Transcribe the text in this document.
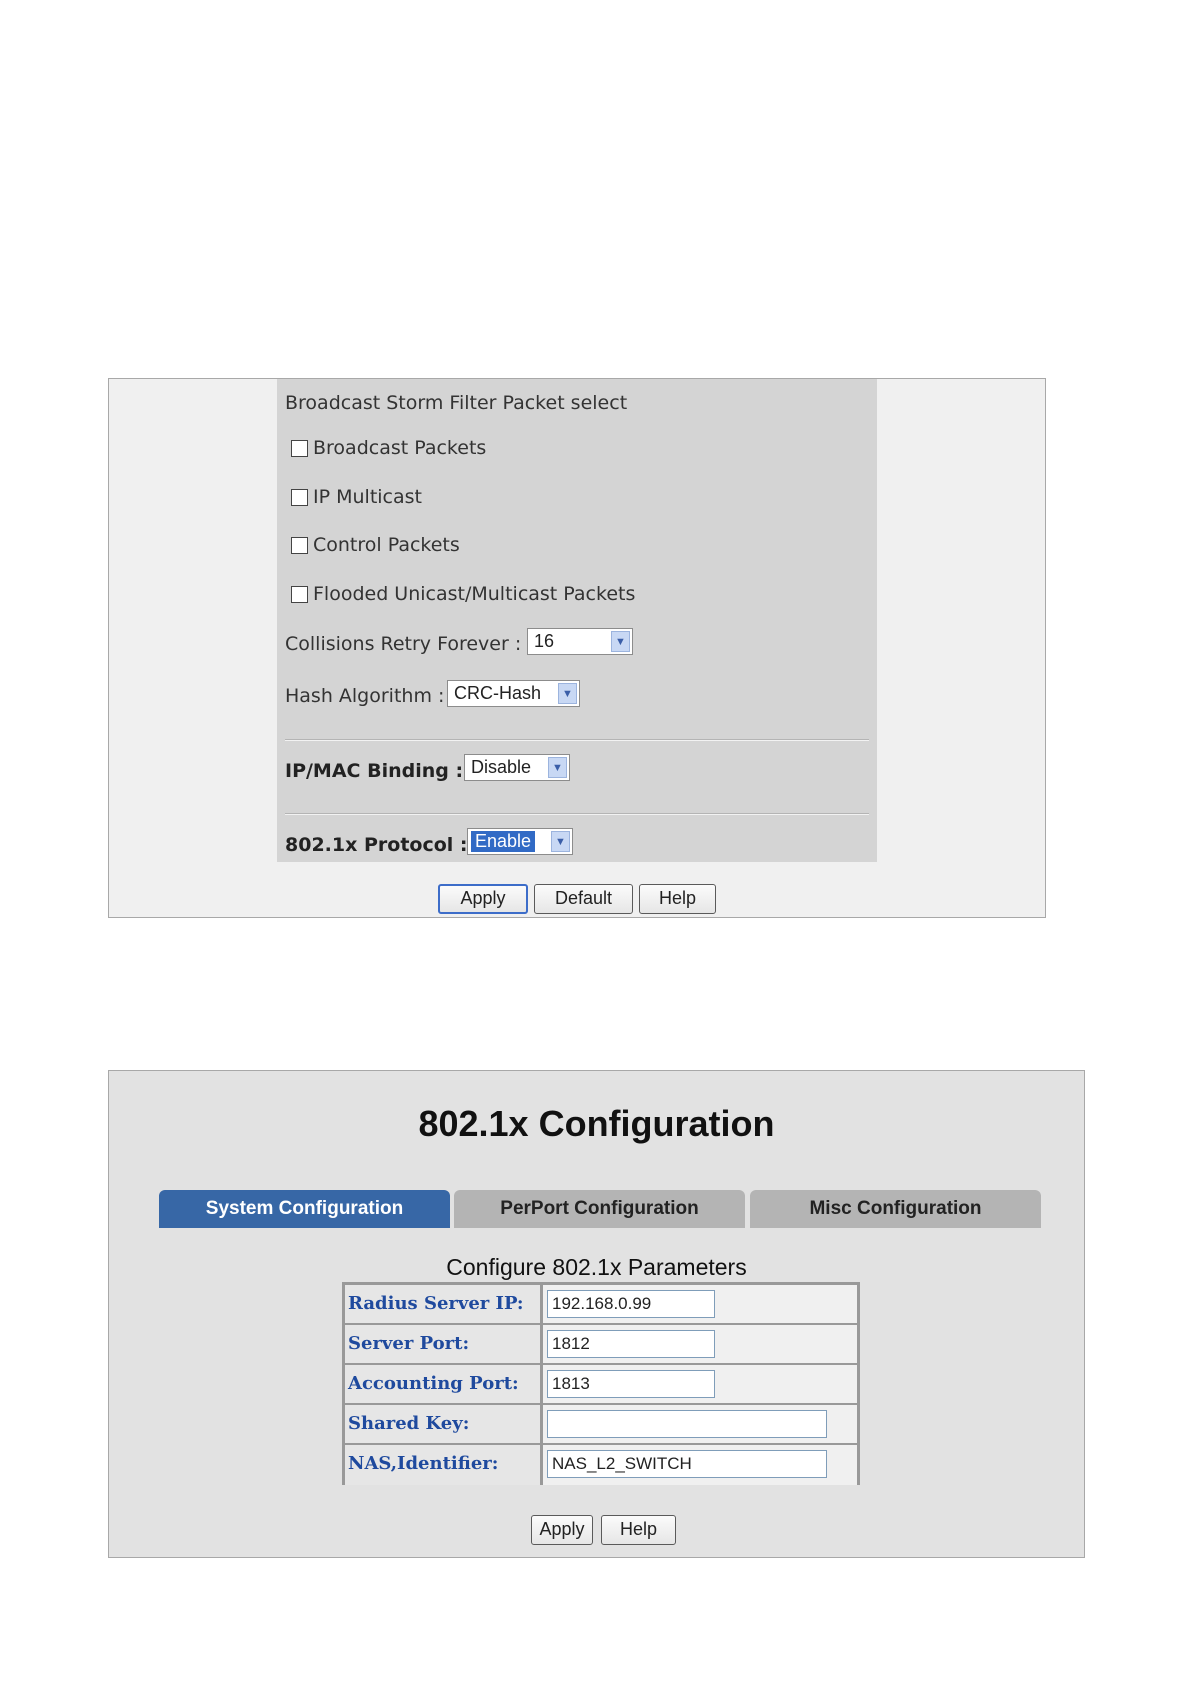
Broadcast Storm Filter Packet select
Broadcast Packets
IP Multicast
Control Packets
Flooded Unicast/Multicast Packets
Collisions Retry Forever : 16	▼
Hash Algorithm : CRC-Hash	▼
IP/MAC Binding : Disable	▼
802.1x Protocol : Enable	▼
Apply	Default	Help
802.1x Configuration
System Configuration	PerPort Configuration	Misc Configuration
Configure 802.1x Parameters
Radius Server IP:
192.168.0.99
Server Port:
1812
Accounting Port:
1813
Shared Key:
NAS,Identifier:
NAS_L2_SWITCH
Apply	Help
